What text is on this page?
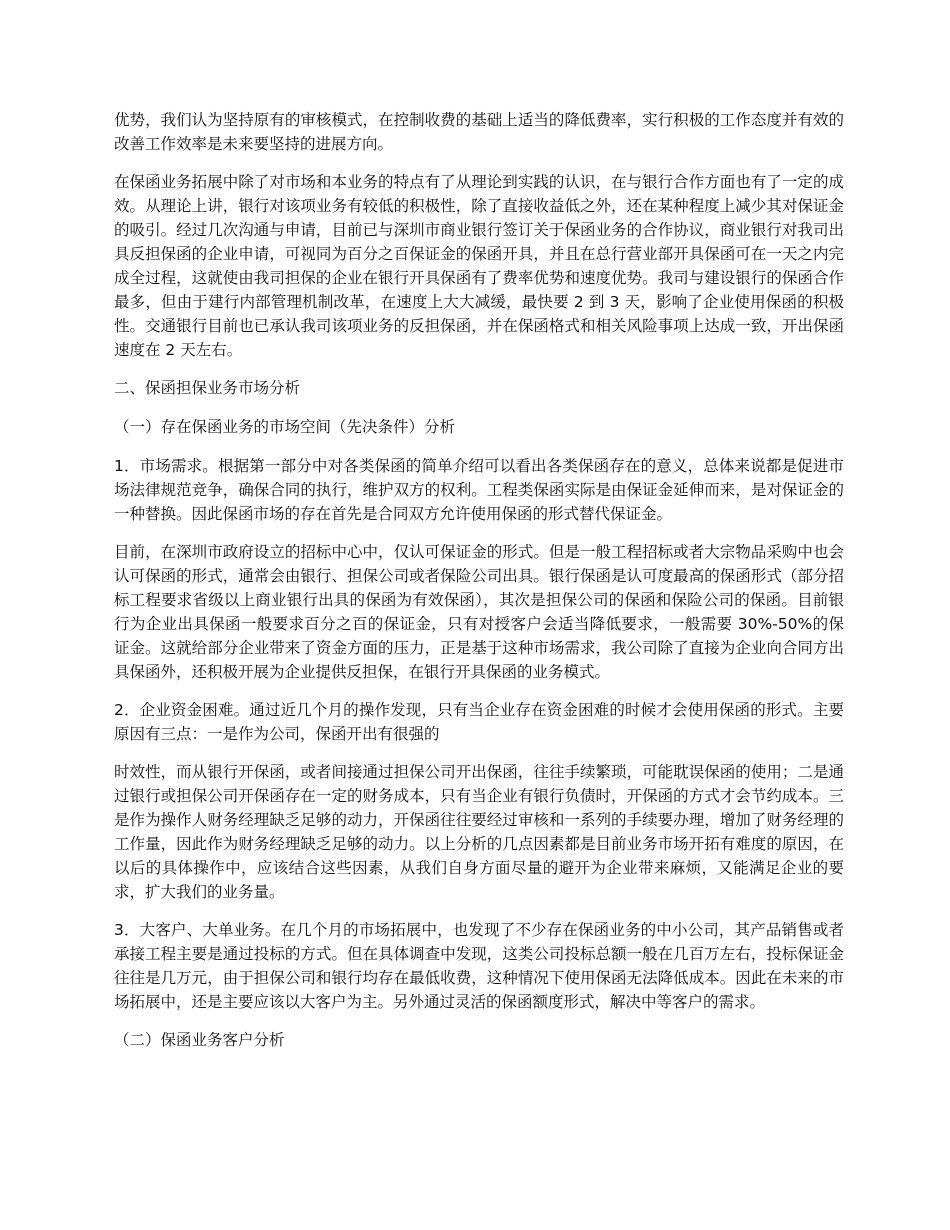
优势，我们认为坚持原有的审核模式，在控制收费的基础上适当的降低费率，实行积极的工作态度并有效的改善工作效率是未来要坚持的进展方向。

在保函业务拓展中除了对市场和本业务的特点有了从理论到实践的认识，在与银行合作方面也有了一定的成效。从理论上讲，银行对该项业务有较低的积极性，除了直接收益低之外，还在某种程度上减少其对保证金的吸引。经过几次沟通与申请，目前已与深圳市商业银行签订关于保函业务的合作协议，商业银行对我司出具反担保函的企业申请，可视同为百分之百保证金的保函开具，并且在总行营业部开具保函可在一天之内完成全过程，这就使由我司担保的企业在银行开具保函有了费率优势和速度优势。我司与建设银行的保函合作最多，但由于建行内部管理机制改革，在速度上大大减缓，最快要 2 到 3 天，影响了企业使用保函的积极性。交通银行目前也已承认我司该项业务的反担保函，并在保函格式和相关风险事项上达成一致，开出保函速度在 2 天左右。

二、保函担保业务市场分析

（一）存在保函业务的市场空间（先决条件）分析

1．市场需求。根据第一部分中对各类保函的简单介绍可以看出各类保函存在的意义，总体来说都是促进市场法律规范竞争，确保合同的执行，维护双方的权利。工程类保函实际是由保证金延伸而来，是对保证金的一种替换。因此保函市场的存在首先是合同双方允许使用保函的形式替代保证金。

目前，在深圳市政府设立的招标中心中，仅认可保证金的形式。但是一般工程招标或者大宗物品采购中也会认可保函的形式，通常会由银行、担保公司或者保险公司出具。银行保函是认可度最高的保函形式（部分招标工程要求省级以上商业银行出具的保函为有效保函），其次是担保公司的保函和保险公司的保函。目前银行为企业出具保函一般要求百分之百的保证金，只有对授客户会适当降低要求，一般需要 30%-50%的保证金。这就给部分企业带来了资金方面的压力，正是基于这种市场需求，我公司除了直接为企业向合同方出具保函外，还积极开展为企业提供反担保，在银行开具保函的业务模式。

2．企业资金困难。通过近几个月的操作发现，只有当企业存在资金困难的时候才会使用保函的形式。主要原因有三点：一是作为公司，保函开出有很强的

时效性，而从银行开保函，或者间接通过担保公司开出保函，往往手续繁琐，可能耽误保函的使用；二是通过银行或担保公司开保函存在一定的财务成本，只有当企业有银行负债时，开保函的方式才会节约成本。三是作为操作人财务经理缺乏足够的动力，开保函往往要经过审核和一系列的手续要办理，增加了财务经理的工作量，因此作为财务经理缺乏足够的动力。以上分析的几点因素都是目前业务市场开拓有难度的原因，在以后的具体操作中，应该结合这些因素，从我们自身方面尽量的避开为企业带来麻烦，又能满足企业的要求，扩大我们的业务量。

3．大客户、大单业务。在几个月的市场拓展中，也发现了不少存在保函业务的中小公司，其产品销售或者承接工程主要是通过投标的方式。但在具体调查中发现，这类公司投标总额一般在几百万左右，投标保证金往往是几万元，由于担保公司和银行均存在最低收费，这种情况下使用保函无法降低成本。因此在未来的市场拓展中，还是主要应该以大客户为主。另外通过灵活的保函额度形式，解决中等客户的需求。

（二）保函业务客户分析
